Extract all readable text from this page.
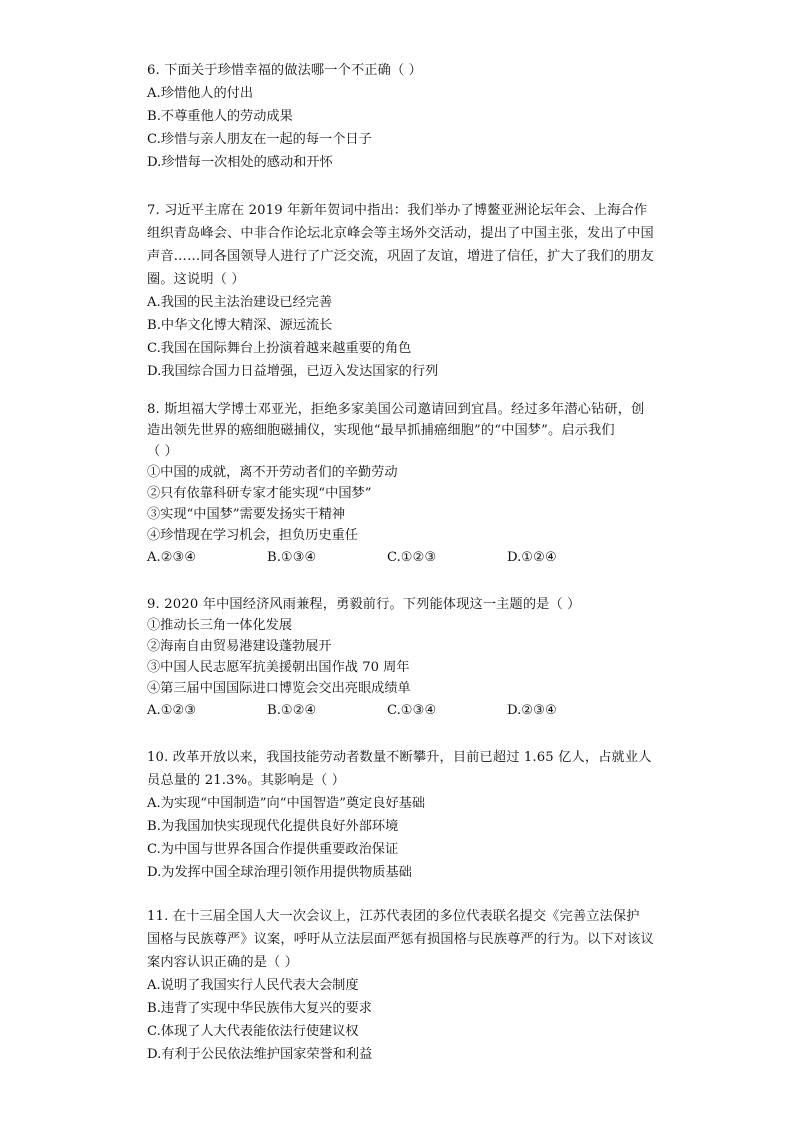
6. 下面关于珍惜幸福的做法哪一个不正确（ ）
A.珍惜他人的付出
B.不尊重他人的劳动成果
C.珍惜与亲人朋友在一起的每一个日子
D.珍惜每一次相处的感动和开怀
7. 习近平主席在 2019 年新年贺词中指出：我们举办了博鳌亚洲论坛年会、上海合作
组织青岛峰会、中非合作论坛北京峰会等主场外交活动，提出了中国主张，发出了中国
声音……同各国领导人进行了广泛交流，巩固了友谊，增进了信任，扩大了我们的朋友
圈。这说明（ ）
A.我国的民主法治建设已经完善
B.中华文化博大精深、源远流长
C.我国在国际舞台上扮演着越来越重要的角色
D.我国综合国力日益增强，已迈入发达国家的行列
8. 斯坦福大学博士邓亚光，拒绝多家美国公司邀请回到宜昌。经过多年潜心钻研，创
造出领先世界的癌细胞磁捕仪，实现他“最早抓捕癌细胞”的“中国梦”。启示我们
（ ）
①中国的成就，离不开劳动者们的辛勤劳动
②只有依靠科研专家才能实现“中国梦”
③实现“中国梦”需要发扬实干精神
④珍惜现在学习机会，担负历史重任
A.②③④	B.①③④	C.①②③	D.①②④
9. 2020 年中国经济风雨兼程，勇毅前行。下列能体现这一主题的是（ ）
①推动长三角一体化发展
②海南自由贸易港建设蓬勃展开
③中国人民志愿军抗美援朝出国作战 70 周年
④第三届中国国际进口博览会交出亮眼成绩单
A.①②③	B.①②④	C.①③④	D.②③④
10. 改革开放以来，我国技能劳动者数量不断攀升，目前已超过 1.65 亿人，占就业人
员总量的 21.3%。其影响是（ ）
A.为实现“中国制造”向“中国智造”奠定良好基础
B.为我国加快实现现代化提供良好外部环境
C.为中国与世界各国合作提供重要政治保证
D.为发挥中国全球治理引领作用提供物质基础
11. 在十三届全国人大一次会议上，江苏代表团的多位代表联名提交《完善立法保护
国格与民族尊严》议案，呼吁从立法层面严惩有损国格与民族尊严的行为。以下对该议
案内容认识正确的是（ ）
A.说明了我国实行人民代表大会制度
B.违背了实现中华民族伟大复兴的要求
C.体现了人大代表能依法行使建议权
D.有利于公民依法维护国家荣誉和利益
